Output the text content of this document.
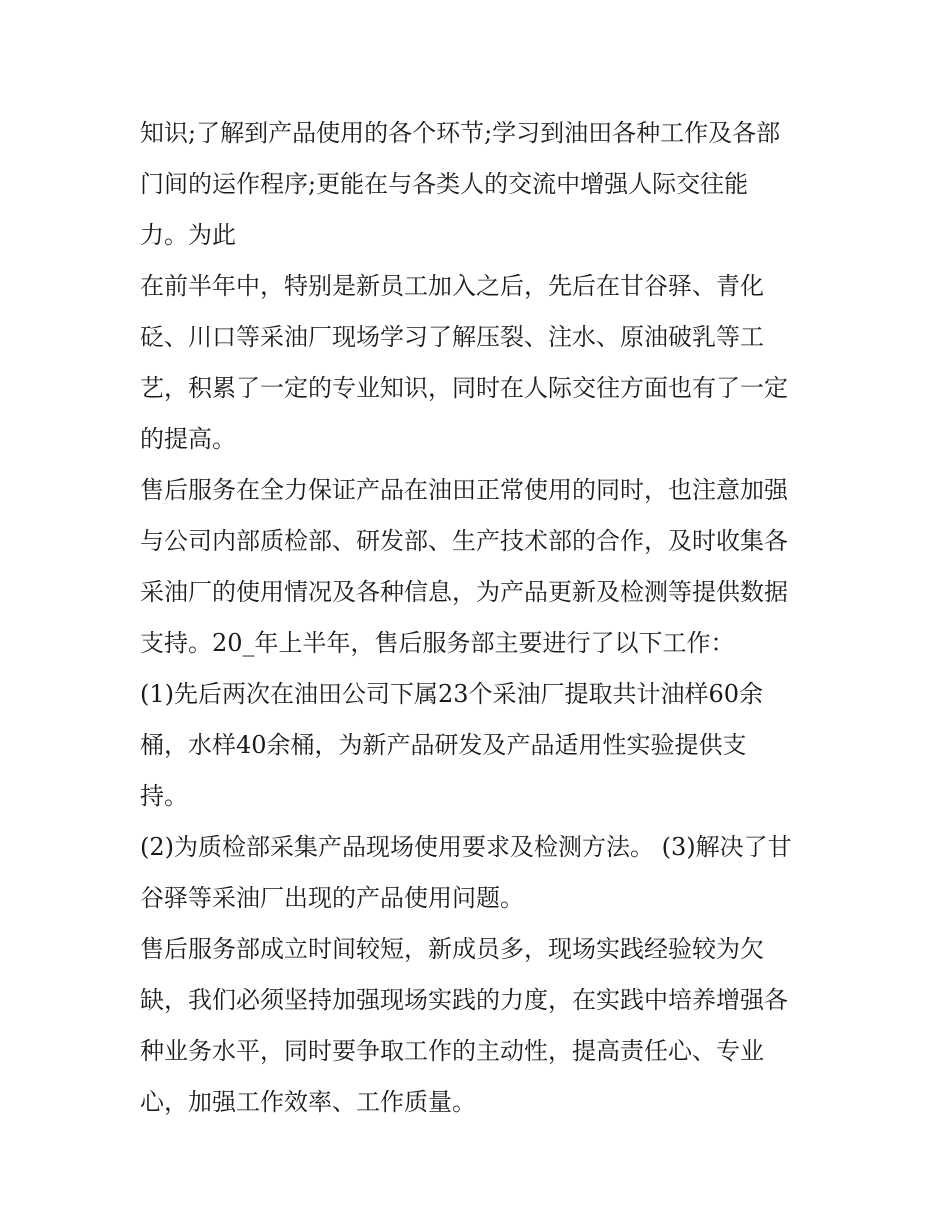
知识;了解到产品使用的各个环节;学习到油田各种工作及各部
门间的运作程序;更能在与各类人的交流中增强人际交往能
力。为此

在前半年中，特别是新员工加入之后，先后在甘谷驿、青化
砭、川口等采油厂现场学习了解压裂、注水、原油破乳等工
艺，积累了一定的专业知识，同时在人际交往方面也有了一定
的提高。

售后服务在全力保证产品在油田正常使用的同时，也注意加强
与公司内部质检部、研发部、生产技术部的合作，及时收集各
采油厂的使用情况及各种信息，为产品更新及检测等提供数据
支持。20_年上半年，售后服务部主要进行了以下工作：

(1)先后两次在油田公司下属23个采油厂提取共计油样60余
桶，水样40余桶，为新产品研发及产品适用性实验提供支
持。

(2)为质检部采集产品现场使用要求及检测方法。 (3)解决了甘
谷驿等采油厂出现的产品使用问题。

售后服务部成立时间较短，新成员多，现场实践经验较为欠
缺，我们必须坚持加强现场实践的力度，在实践中培养增强各
种业务水平，同时要争取工作的主动性，提高责任心、专业
心，加强工作效率、工作质量。
